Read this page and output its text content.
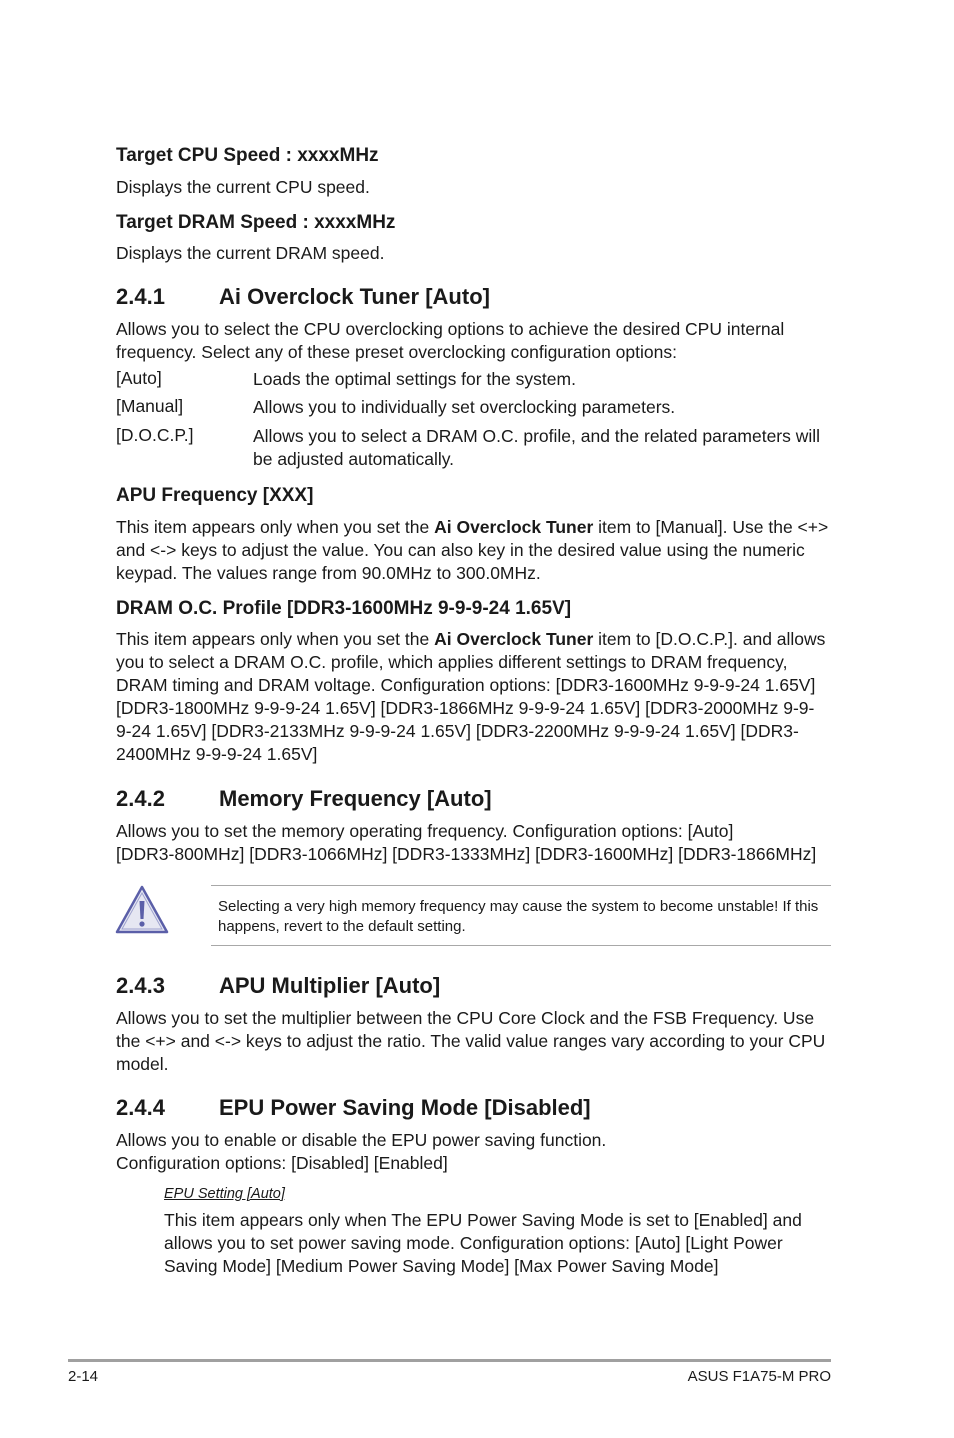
Target CPU Speed : xxxxMHz
Displays the current CPU speed.
Target DRAM Speed : xxxxMHz
Displays the current DRAM speed.
2.4.1 Ai Overclock Tuner [Auto]

Allows you to select the CPU overclocking options to achieve the desired CPU internal

frequency. Select any of these preset overclocking configuration options:

[Auto]	Loads the optimal settings for the system.
[Manual]	Allows you to individually set overclocking parameters.
[D.O.C.P.]	Allows you to select a DRAM O.C. profile, and the related parameters will

be adjusted automatically.

APU Frequency [XXX]

This item appears only when you set the Ai Overclock Tuner item to [Manual]. Use the <+>

and <-> keys to adjust the value. You can also key in the desired value using the numeric

keypad. The values range from 90.0MHz to 300.0MHz.

DRAM O.C. Profile [DDR3-1600MHz 9-9-9-24 1.65V]

This item appears only when you set the Ai Overclock Tuner item to [D.O.C.P.]. and allows

you to select a DRAM O.C. profile, which applies different settings to DRAM frequency,

DRAM timing and DRAM voltage. Configuration options: [DDR3-1600MHz 9-9-9-24 1.65V]

[DDR3-1800MHz 9-9-9-24 1.65V] [DDR3-1866MHz 9-9-9-24 1.65V] [DDR3-2000MHz 9-9-

9-24 1.65V] [DDR3-2133MHz 9-9-9-24 1.65V] [DDR3-2200MHz 9-9-9-24 1.65V] [DDR3-

2400MHz 9-9-9-24 1.65V]

2.4.2 Memory Frequency [Auto]

Allows you to set the memory operating frequency. Configuration options: [Auto]

[DDR3-800MHz] [DDR3-1066MHz] [DDR3-1333MHz] [DDR3-1600MHz] [DDR3-1866MHz]

Selecting a very high memory frequency may cause the system to become unstable! If this
happens, revert to the default setting.
2.4.3 APU Multiplier [Auto]

Allows you to set the multiplier between the CPU Core Clock and the FSB Frequency. Use

the <+> and <-> keys to adjust the ratio. The valid value ranges vary according to your CPU

model.

2.4.4 EPU Power Saving Mode [Disabled]

Allows you to enable or disable the EPU power saving function.

Configuration options: [Disabled] [Enabled]

EPU Setting [Auto]

This item appears only when The EPU Power Saving Mode is set to [Enabled] and

allows you to set power saving mode. Configuration options: [Auto] [Light Power

Saving Mode] [Medium Power Saving Mode] [Max Power Saving Mode]

2-14	ASUS F1A75-M PRO
